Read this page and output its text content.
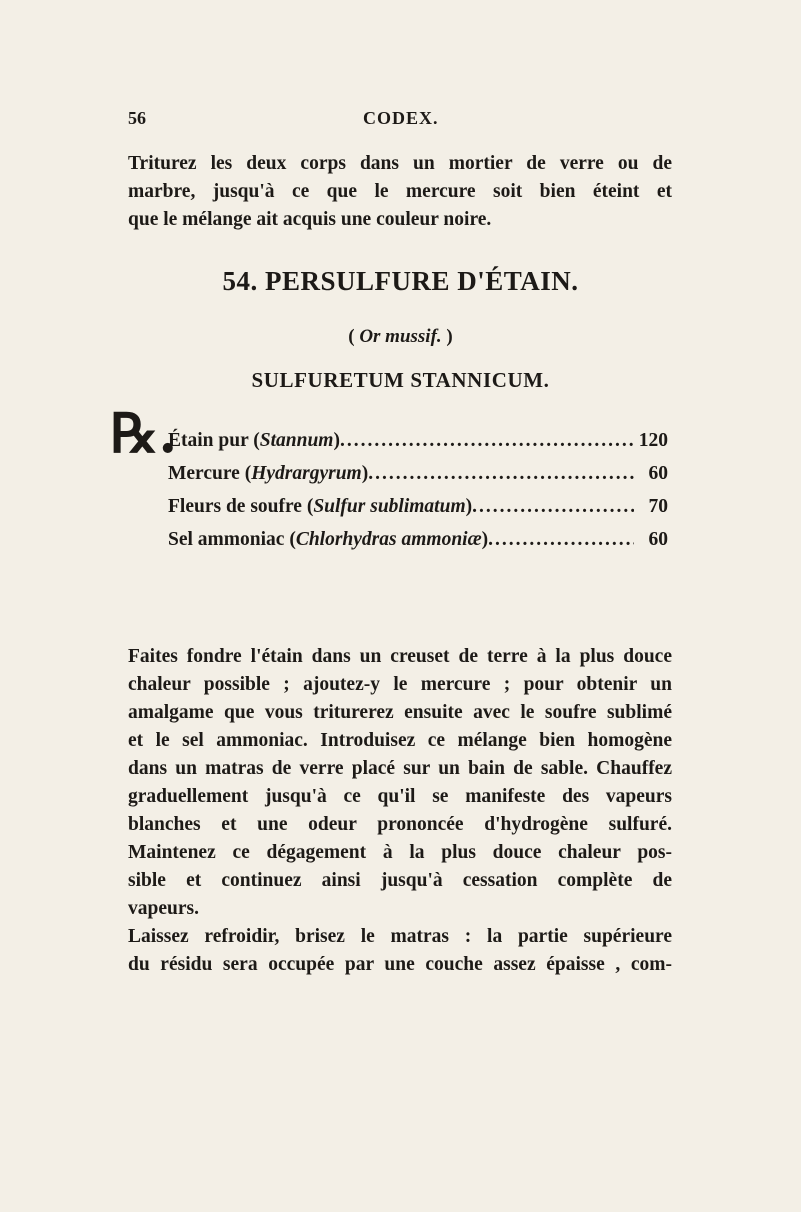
56	CODEX.
Triturez les deux corps dans un mortier de verre ou de
marbre, jusqu'à ce que le mercure soit bien éteint et
que le mélange ait acquis une couleur noire.
54. PERSULFURE D'ÉTAIN.
( Or mussif. )
SULFURETUM STANNICUM.
℞.
Étain pur (Stannum) .....	120
Mercure (Hydrargyrum) .....	60
Fleurs de soufre (Sulfur sublimatum) .....	70
Sel ammoniac (Chlorhydras ammoniæ) .....	60
Faites fondre l'étain dans un creuset de terre à la plus douce
chaleur possible ; ajoutez-y le mercure ; pour obtenir un
amalgame que vous triturerez ensuite avec le soufre sublimé
et le sel ammoniac. Introduisez ce mélange bien homogène
dans un matras de verre placé sur un bain de sable. Chauffez
graduellement jusqu'à ce qu'il se manifeste des vapeurs
blanches et une odeur prononcée d'hydrogène sulfuré.
Maintenez ce dégagement à la plus douce chaleur pos-
sible et continuez ainsi jusqu'à cessation complète de
vapeurs.
Laissez refroidir, brisez le matras : la partie supérieure
du résidu sera occupée par une couche assez épaisse , com-
